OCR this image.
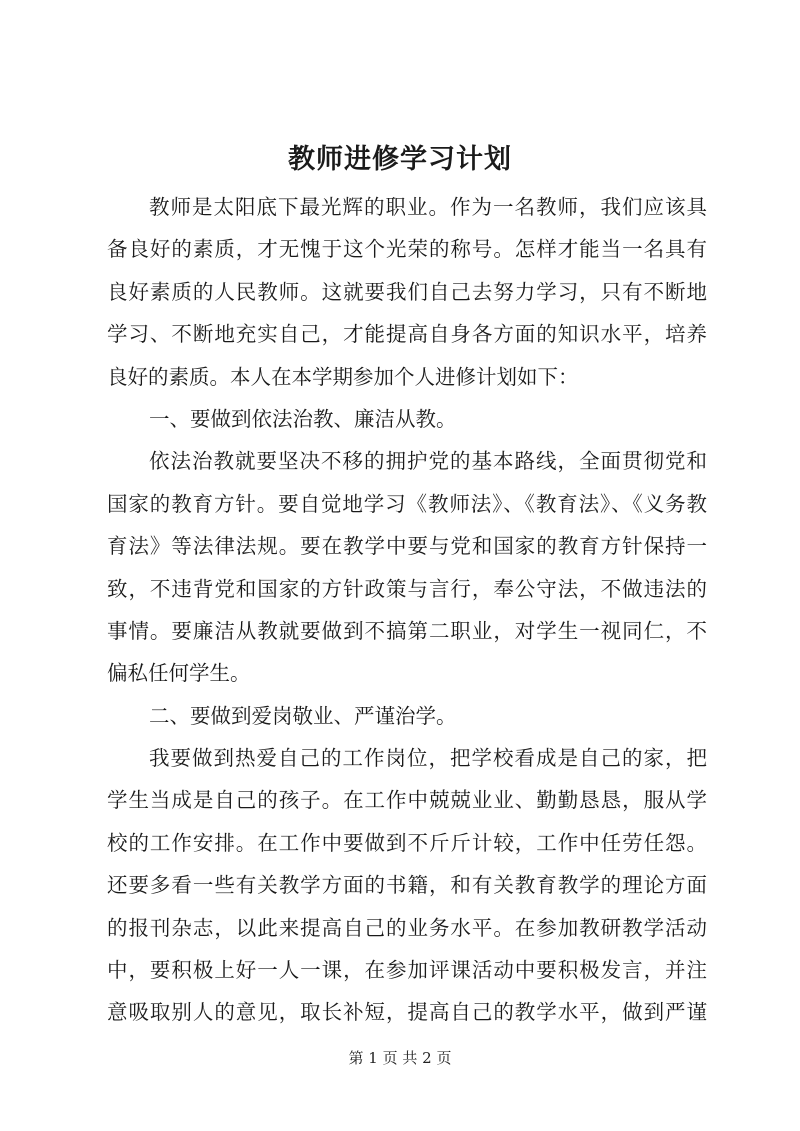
教师进修学习计划
教师是太阳底下最光辉的职业。作为一名教师，我们应该具
备良好的素质，才无愧于这个光荣的称号。怎样才能当一名具有
良好素质的人民教师。这就要我们自己去努力学习，只有不断地
学习、不断地充实自己，才能提高自身各方面的知识水平，培养
良好的素质。本人在本学期参加个人进修计划如下：
一、要做到依法治教、廉洁从教。
依法治教就要坚决不移的拥护党的基本路线，全面贯彻党和
国家的教育方针。要自觉地学习《教师法》、《教育法》、《义务教
育法》等法律法规。要在教学中要与党和国家的教育方针保持一
致，不违背党和国家的方针政策与言行，奉公守法，不做违法的
事情。要廉洁从教就要做到不搞第二职业，对学生一视同仁，不
偏私任何学生。
二、要做到爱岗敬业、严谨治学。
我要做到热爱自己的工作岗位，把学校看成是自己的家，把
学生当成是自己的孩子。在工作中兢兢业业、勤勤恳恳，服从学
校的工作安排。在工作中要做到不斤斤计较，工作中任劳任怨。
还要多看一些有关教学方面的书籍，和有关教育教学的理论方面
的报刊杂志，以此来提高自己的业务水平。在参加教研教学活动
中，要积极上好一人一课，在参加评课活动中要积极发言，并注
意吸取别人的意见，取长补短，提高自己的教学水平，做到严谨
第 1 页 共 2 页
